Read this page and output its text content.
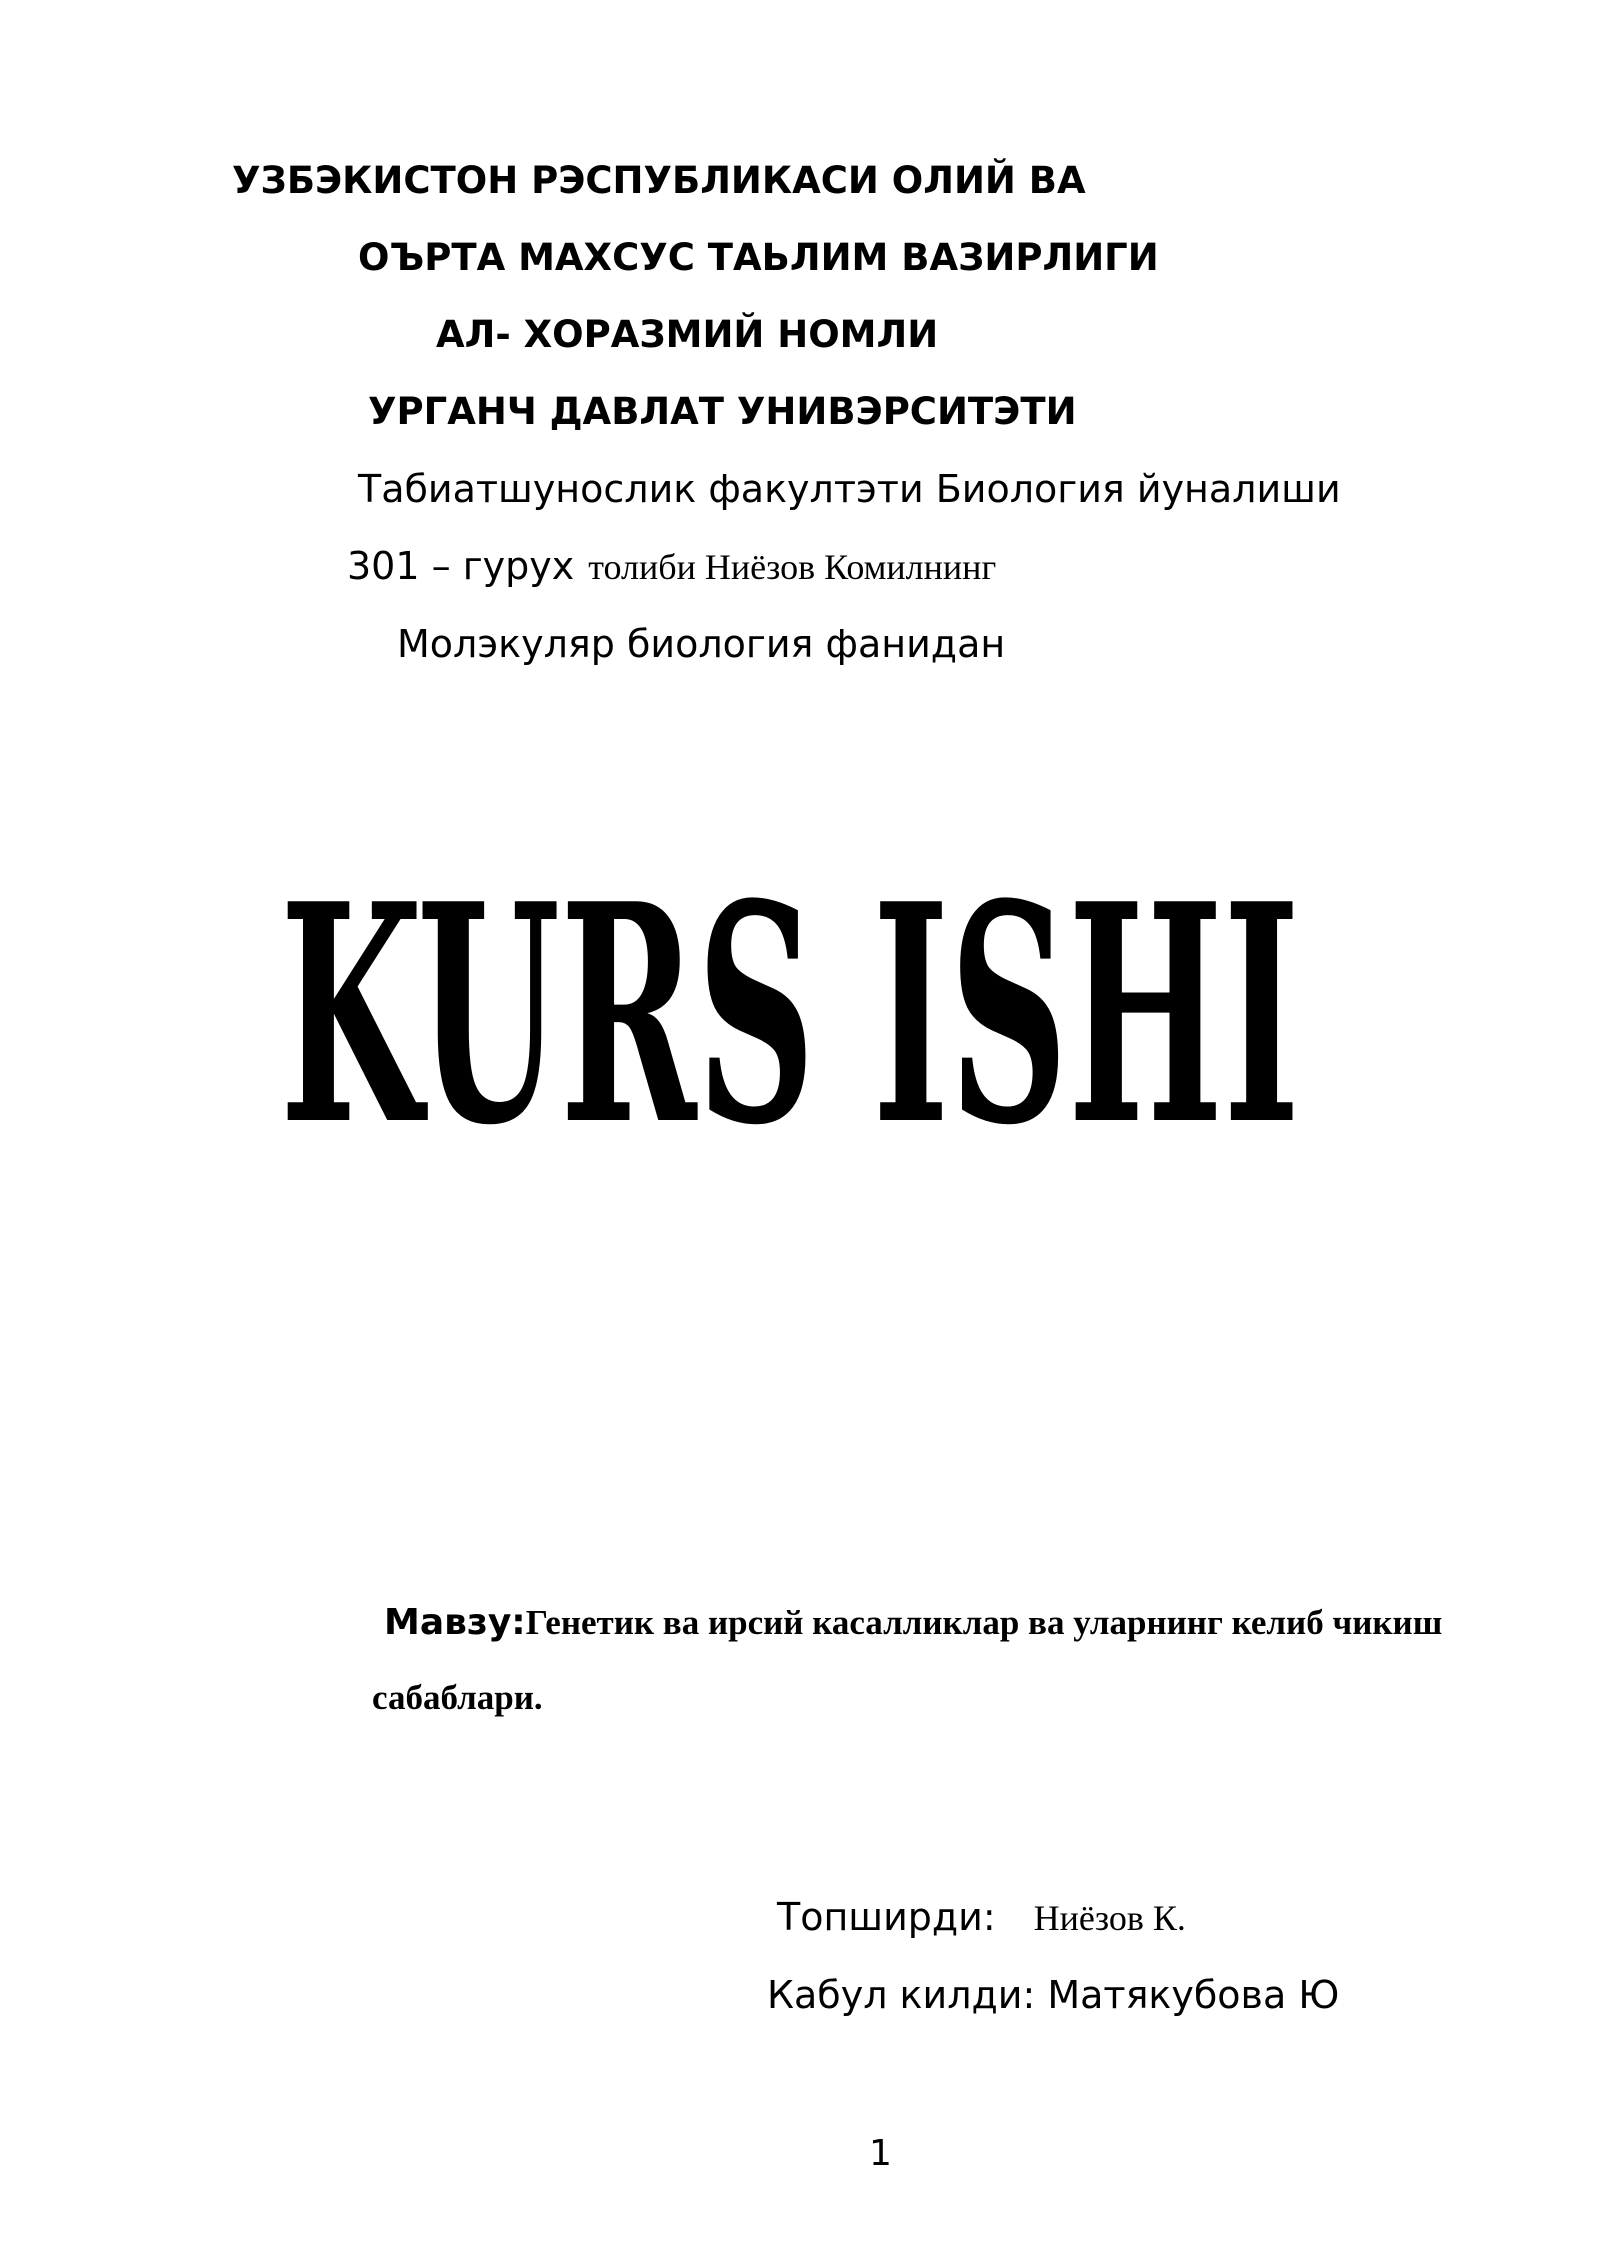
УЗБЭКИСТОН РЭСПУБЛИКАСИ ОЛИЙ ВА
ОЪРТА МАХСУС ТАЬЛИМ ВАЗИРЛИГИ
АЛ- ХОРАЗМИЙ НОМЛИ
УРГАНЧ ДАВЛАТ УНИВЭРСИТЭТИ
Табиатшунослик факултэти Биология йуналиши
301 – гурух толиби Ниёзов Комилнинг
Молэкуляр биология фанидан
KURS ISHI
Мавзу:Генетик ва ирсий касалликлар ва уларнинг келиб чикиш
сабаблари.
Топширди: Ниёзов К.
Кабул килди: Матякубова Ю
1
